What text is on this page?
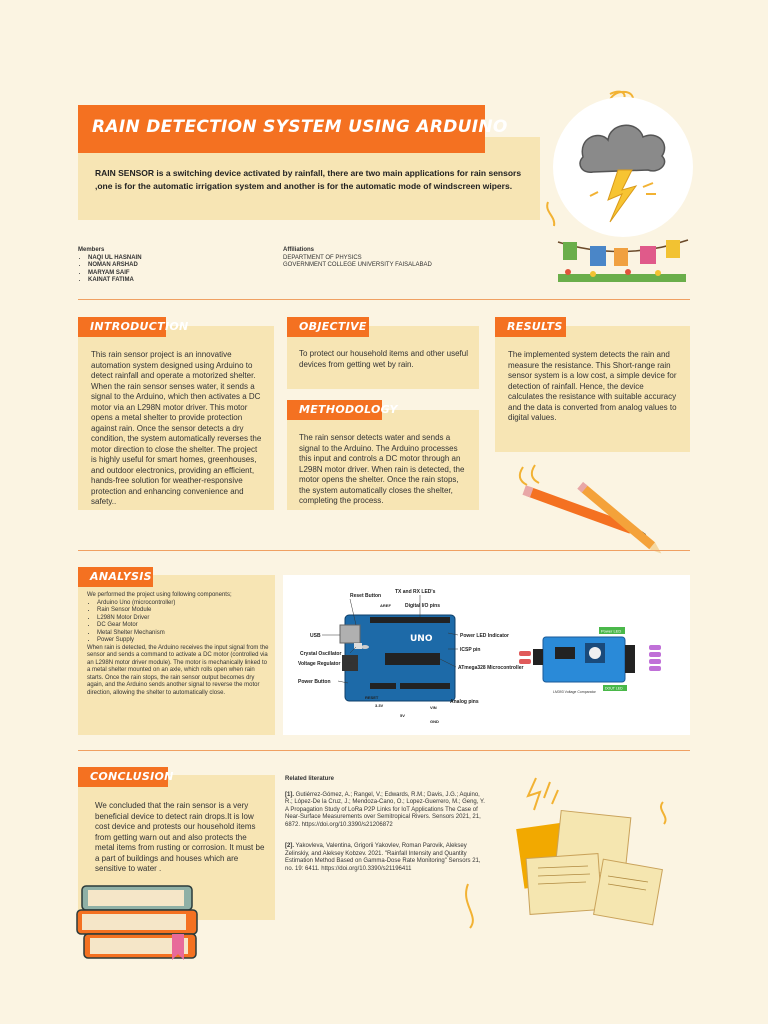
RAIN DETECTION SYSTEM USING ARDUINO
RAIN SENSOR is a switching device activated by rainfall, there are two main applications for rain sensors ,one is for the automatic irrigation system and another is for the automatic mode of windscreen wipers.
Members
• NAQI UL HASNAIN
• NOMAN ARSHAD
• MARYAM SAIF
• KAINAT FATIMA
Affiliations
DEPARTMENT OF PHYSICS
GOVERNMENT COLLEGE UNIVERSITY FAISALABAD
INTRODUCTION
This rain sensor project is an innovative automation system designed using Arduino to detect rainfall and operate a motorized shelter. When the rain sensor senses water, it sends a signal to the Arduino, which then activates a DC motor via an L298N motor driver. This motor opens a metal shelter to provide protection against rain. Once the sensor detects a dry condition, the system automatically reverses the motor direction to close the shelter. The project is highly useful for smart homes, greenhouses, and outdoor electronics, providing an efficient, hands-free solution for weather-responsive protection and enhancing convenience and safety..
OBJECTIVE
To protect our household items and other useful devices from getting wet by rain.
METHODOLOGY
The rain sensor detects water and sends a signal to the Arduino. The Arduino processes this input and controls a DC motor through an L298N motor driver. When rain is detected, the motor opens the shelter. Once the rain stops, the system automatically closes the shelter, completing the process.
RESULTS
The implemented system detects the rain and measure the resistance. This Short-range rain sensor system is a low cost, a simple device for detection of rainfall. Hence, the device calculates the resistance with suitable accuracy and the data is converted from analog values to digital values.
ANALYSIS
We performed the project using following components;
• Arduino Uno (microcontroller)
• Rain Sensor Module
• L298N Motor Driver
• DC Gear Motor
• Metal Shelter Mechanism
• Power Supply
When rain is detected, the Arduino receives the input signal from the sensor and sends a command to activate a DC motor (controlled via an L298N motor driver module). The motor is mechanically linked to a metal shelter mounted on an axle, which rolls open when rain starts. Once the rain stops, the rain sensor output becomes dry again, and the Arduino sends another signal to reverse the motor direction, allowing the shelter to automatically close.
UNO
Reset Button
TX and RX LED's
AREF	Digital I/O pins
USB	Power LED Indicator
ICSP pin
Crystal Oscillator
Voltage Regulator
ATmega328 Microcontroller
Power Button
RESET
3.3V
5V
VIN
Analog pins
GND
Power LED
LM393 Voltage Comparator
DOUT LED
CONCLUSION
We concluded that the rain sensor is a very beneficial device to detect rain drops.It is low cost device and protests our household items from getting warn out and also protects the metal items from rusting or corrosion. It must be a part of buildings and houses which are sensitive to water .
Related literature
[1]. Gutiérrez-Gómez, A.; Rangel, V.; Edwards, R.M.; Davis, J.G.; Aquino, R.; López-De la Cruz, J.; Mendoza-Cano, O.; Lopez-Guerrero, M.; Geng, Y. A Propagation Study of LoRa P2P Links for IoT Applications The Case of Near-Surface Measurements over Semitropical Rivers. Sensors 2021, 21, 6872. https://doi.org/10.3390/s21206872
[2]. Yakovleva, Valentina, Grigorii Yakovlev, Roman Parovik, Aleksey Zelinskiy, and Aleksey Kobzev. 2021. "Rainfall Intensity and Quantity Estimation Method Based on Gamma-Dose Rate Monitoring" Sensors 21, no. 19: 6411. https://doi.org/10.3390/s21196411
